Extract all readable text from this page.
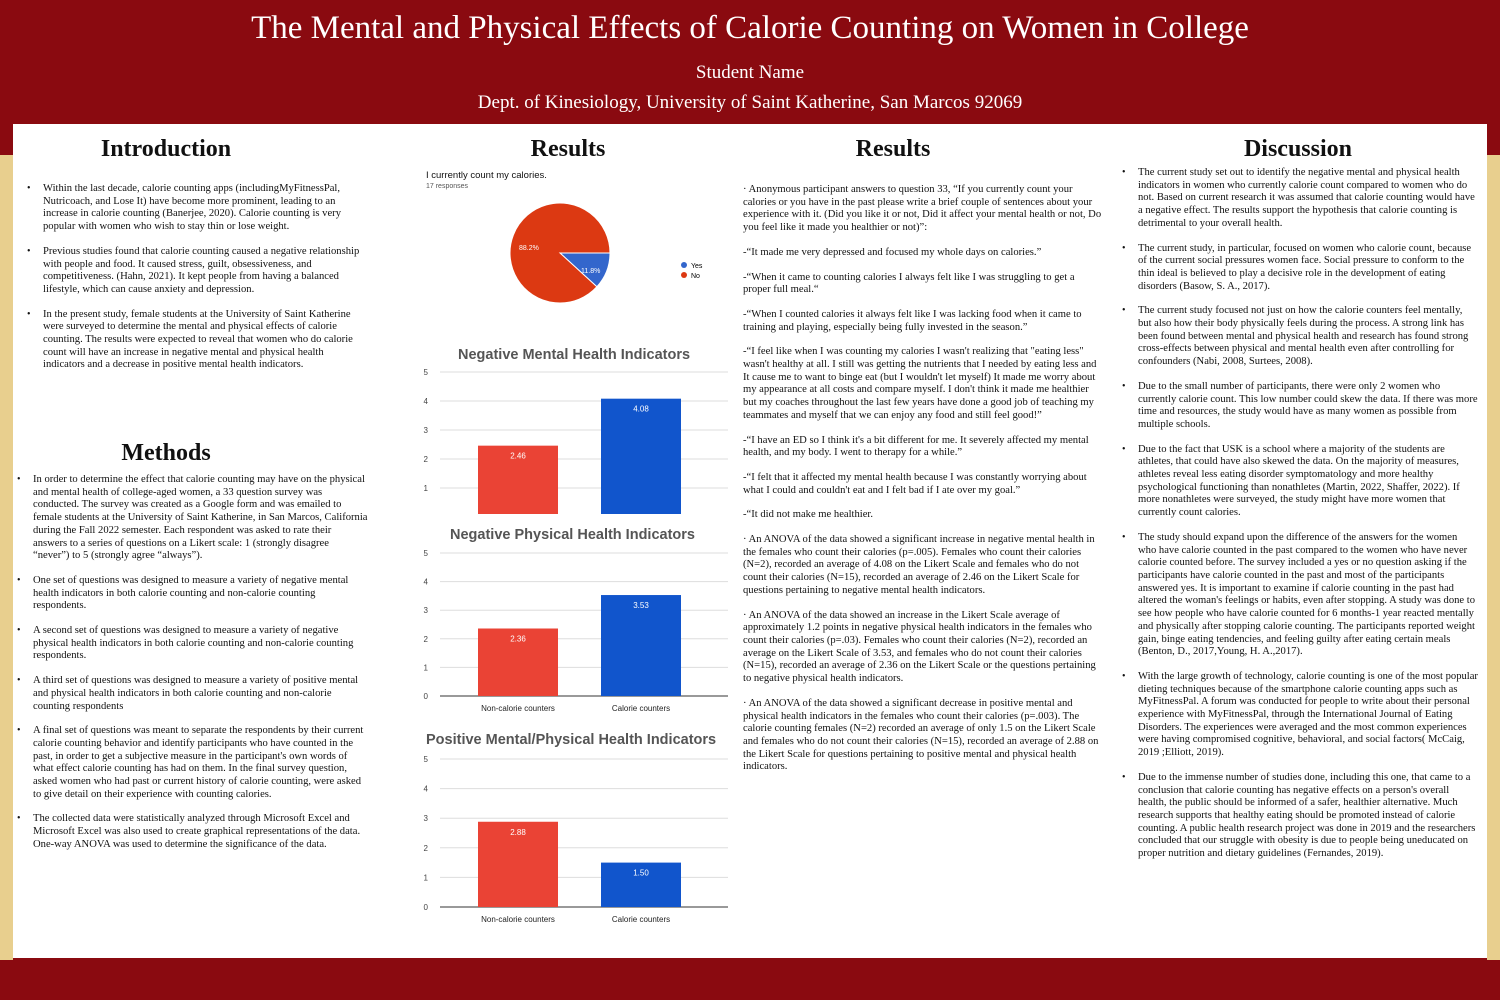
The Mental and Physical Effects of Calorie Counting on Women in College
Student Name
Dept. of Kinesiology, University of Saint Katherine, San Marcos 92069
Introduction
• Within the last decade, calorie counting apps (includingMyFitnessPal, Nutricoach, and Lose It) have become more prominent, leading to an increase in calorie counting (Banerjee, 2020). Calorie counting is very popular with women who wish to stay thin or lose weight.
• Previous studies found that calorie counting caused a negative relationship with people and food. It caused stress, guilt, obsessiveness, and competitiveness. (Hahn, 2021). It kept people from having a balanced lifestyle, which can cause anxiety and depression.
• In the present study, female students at the University of Saint Katherine were surveyed to determine the mental and physical effects of calorie counting. The results were expected to reveal that women who do calorie count will have an increase in negative mental and physical health indicators and a decrease in positive mental health indicators.
Methods
• In order to determine the effect that calorie counting may have on the physical and mental health of college-aged women, a 33 question survey was conducted. The survey was created as a Google form and was emailed to female students at the University of Saint Katherine, in San Marcos, California during the Fall 2022 semester. Each respondent was asked to rate their answers to a series of questions on a Likert scale: 1 (strongly disagree “never”) to 5 (strongly agree “always”).
• One set of questions was designed to measure a variety of negative mental health indicators in both calorie counting and non-calorie counting respondents.
• A second set of questions was designed to measure a variety of negative physical health indicators in both calorie counting and non-calorie counting respondents.
• A third set of questions was designed to measure a variety of positive mental and physical health indicators in both calorie counting and non-calorie counting respondents
• A final set of questions was meant to separate the respondents by their current calorie counting behavior and identify participants who have counted in the past, in order to get a subjective measure in the participant's own words of what effect calorie counting has had on them. In the final survey question, asked women who had past or current history of calorie counting, were asked to give detail on their experience with counting calories.
• The collected data were statistically analyzed through Microsoft Excel and Microsoft Excel was also used to create graphical representations of the data. One-way ANOVA was used to determine the significance of the data.
Results
I currently count my calories.
17 responses
88.2%
11.8%
Yes
No
Negative Mental Health Indicators
1
2
3
4
5
2.46
4.08
Negative Physical Health Indicators
0
1
2
3
4
5
2.36
Non-calorie counters
3.53
Calorie counters
Positive Mental/Physical Health Indicators
0
1
2
3
4
5
2.88
Non-calorie counters
1.50
Calorie counters
Results

· Anonymous participant answers to question 33, “If you currently count your calories or you have in the past please write a brief couple of sentences about your experience with it. (Did you like it or not, Did it affect your mental health or not, Do you feel like it made you healthier or not)”:

-“It made me very depressed and focused my whole days on calories.”

-“When it came to counting calories I always felt like I was struggling to get a proper full meal.“

-“When I counted calories it always felt like I was lacking food when it came to training and playing, especially being fully invested in the season.”

-“I feel like when I was counting my calories I wasn't realizing that "eating less" wasn't healthy at all. I still was getting the nutrients that I needed by eating less and It cause me to want to binge eat (but I wouldn't let myself) It made me worry about my appearance at all costs and compare myself. I don't think it made me healthier but my coaches throughout the last few years have done a good job of teaching my teammates and myself that we can enjoy any food and still feel good!”

-“I have an ED so I think it's a bit different for me. It severely affected my mental health, and my body. I went to therapy for a while.”

-“I felt that it affected my mental health because I was constantly worrying about what I could and couldn't eat and I felt bad if I ate over my goal.”

-“It did not make me healthier.

· An ANOVA of the data showed a significant increase in negative mental health in the females who count their calories (p=.005). Females who count their calories (N=2), recorded an average of 4.08 on the Likert Scale and females who do not count their calories (N=15), recorded an average of 2.46 on the Likert Scale for questions pertaining to negative mental health indicators.

· An ANOVA of the data showed an increase in the Likert Scale average of approximately 1.2 points in negative physical health indicators in the females who count their calories (p=.03). Females who count their calories (N=2), recorded an average on the Likert Scale of 3.53, and females who do not count their calories (N=15), recorded an average of 2.36 on the Likert Scale or the questions pertaining to negative physical health indicators.

· An ANOVA of the data showed a significant decrease in positive mental and physical health indicators in the females who count their calories (p=.003). The calorie counting females (N=2) recorded an average of only 1.5 on the Likert Scale and females who do not count their calories (N=15), recorded an average of 2.88 on the Likert Scale for questions pertaining to positive mental and physical health indicators.

Discussion
• The current study set out to identify the negative mental and physical health indicators in women who currently calorie count compared to women who do not. Based on current research it was assumed that calorie counting would have a negative effect. The results support the hypothesis that calorie counting is detrimental to your overall health.
• The current study, in particular, focused on women who calorie count, because of the current social pressures women face. Social pressure to conform to the thin ideal is believed to play a decisive role in the development of eating disorders (Basow, S. A., 2017).
• The current study focused not just on how the calorie counters feel mentally, but also how their body physically feels during the process. A strong link has been found between mental and physical health and research has found strong cross-effects between physical and mental health even after controlling for confounders (Nabi, 2008, Surtees, 2008).
• Due to the small number of participants, there were only 2 women who currently calorie count. This low number could skew the data. If there was more time and resources, the study would have as many women as possible from multiple schools.
• Due to the fact that USK is a school where a majority of the students are athletes, that could have also skewed the data. On the majority of measures, athletes reveal less eating disorder symptomatology and more healthy psychological functioning than nonathletes (Martin, 2022, Shaffer, 2022). If more nonathletes were surveyed, the study might have more women that currently count calories.
• The study should expand upon the difference of the answers for the women who have calorie counted in the past compared to the women who have never calorie counted before. The survey included a yes or no question asking if the participants have calorie counted in the past and most of the participants answered yes. It is important to examine if calorie counting in the past had altered the woman's feelings or habits, even after stopping. A study was done to see how people who have calorie counted for 6 months-1 year reacted mentally and physically after stopping calorie counting. The participants reported weight gain, binge eating tendencies, and feeling guilty after eating certain meals (Benton, D., 2017,Young, H. A.,2017).
• With the large growth of technology, calorie counting is one of the most popular dieting techniques because of the smartphone calorie counting apps such as MyFitnessPal. A forum was conducted for people to write about their personal experience with MyFitnessPal, through the International Journal of Eating Disorders. The experiences were averaged and the most common experiences were having compromised cognitive, behavioral, and social factors( McCaig, 2019 ;Elliott, 2019).
• Due to the immense number of studies done, including this one, that came to a conclusion that calorie counting has negative effects on a person's overall health, the public should be informed of a safer, healthier alternative. Much research supports that healthy eating should be promoted instead of calorie counting. A public health research project was done in 2019 and the researchers concluded that our struggle with obesity is due to people being uneducated on proper nutrition and dietary guidelines (Fernandes, 2019).
